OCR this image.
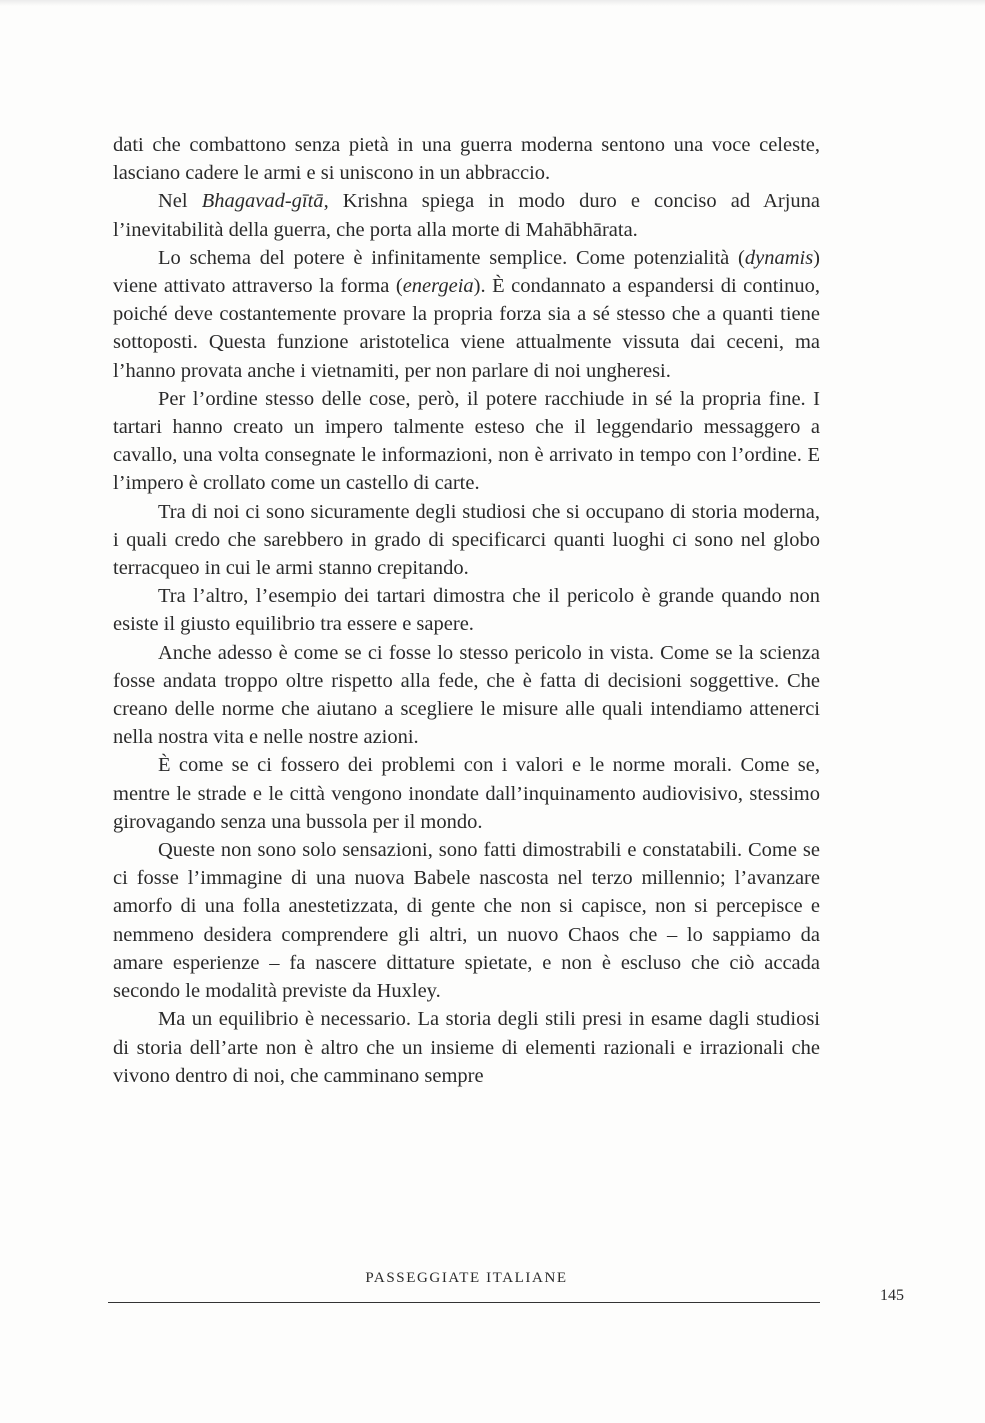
dati che combattono senza pietà in una guerra moderna sentono una voce celeste, lasciano cadere le armi e si uniscono in un abbraccio.

Nel Bhagavad-gītā, Krishna spiega in modo duro e conciso ad Arjuna l’inevitabilità della guerra, che porta alla morte di Mahābhārata.

Lo schema del potere è infinitamente semplice. Come potenzialità (dynamis) viene attivato attraverso la forma (energeia). È condannato a espandersi di continuo, poiché deve costantemente provare la propria forza sia a sé stesso che a quanti tiene sottoposti. Questa funzione aristotelica viene attualmente vissuta dai ceceni, ma l’hanno provata anche i vietnamiti, per non parlare di noi ungheresi.

Per l’ordine stesso delle cose, però, il potere racchiude in sé la propria fine. I tartari hanno creato un impero talmente esteso che il leggendario messaggero a cavallo, una volta consegnate le informazioni, non è arrivato in tempo con l’ordine. E l’impero è crollato come un castello di carte.

Tra di noi ci sono sicuramente degli studiosi che si occupano di storia moderna, i quali credo che sarebbero in grado di specificarci quanti luoghi ci sono nel globo terracqueo in cui le armi stanno crepitando.

Tra l’altro, l’esempio dei tartari dimostra che il pericolo è grande quando non esiste il giusto equilibrio tra essere e sapere.

Anche adesso è come se ci fosse lo stesso pericolo in vista. Come se la scienza fosse andata troppo oltre rispetto alla fede, che è fatta di decisioni soggettive. Che creano delle norme che aiutano a scegliere le misure alle quali intendiamo attenerci nella nostra vita e nelle nostre azioni.

È come se ci fossero dei problemi con i valori e le norme morali. Come se, mentre le strade e le città vengono inondate dall’inquinamento audiovisivo, stessimo girovagando senza una bussola per il mondo.

Queste non sono solo sensazioni, sono fatti dimostrabili e constatabili. Come se ci fosse l’immagine di una nuova Babele nascosta nel terzo millennio; l’avanzare amorfo di una folla anestetizzata, di gente che non si capisce, non si percepisce e nemmeno desidera comprendere gli altri, un nuovo Chaos che – lo sappiamo da amare esperienze – fa nascere dittature spietate, e non è escluso che ciò accada secondo le modalità previste da Huxley.

Ma un equilibrio è necessario. La storia degli stili presi in esame dagli studiosi di storia dell’arte non è altro che un insieme di elementi razionali e irrazionali che vivono dentro di noi, che camminano sempre

PASSEGGIATE ITALIANE
145
